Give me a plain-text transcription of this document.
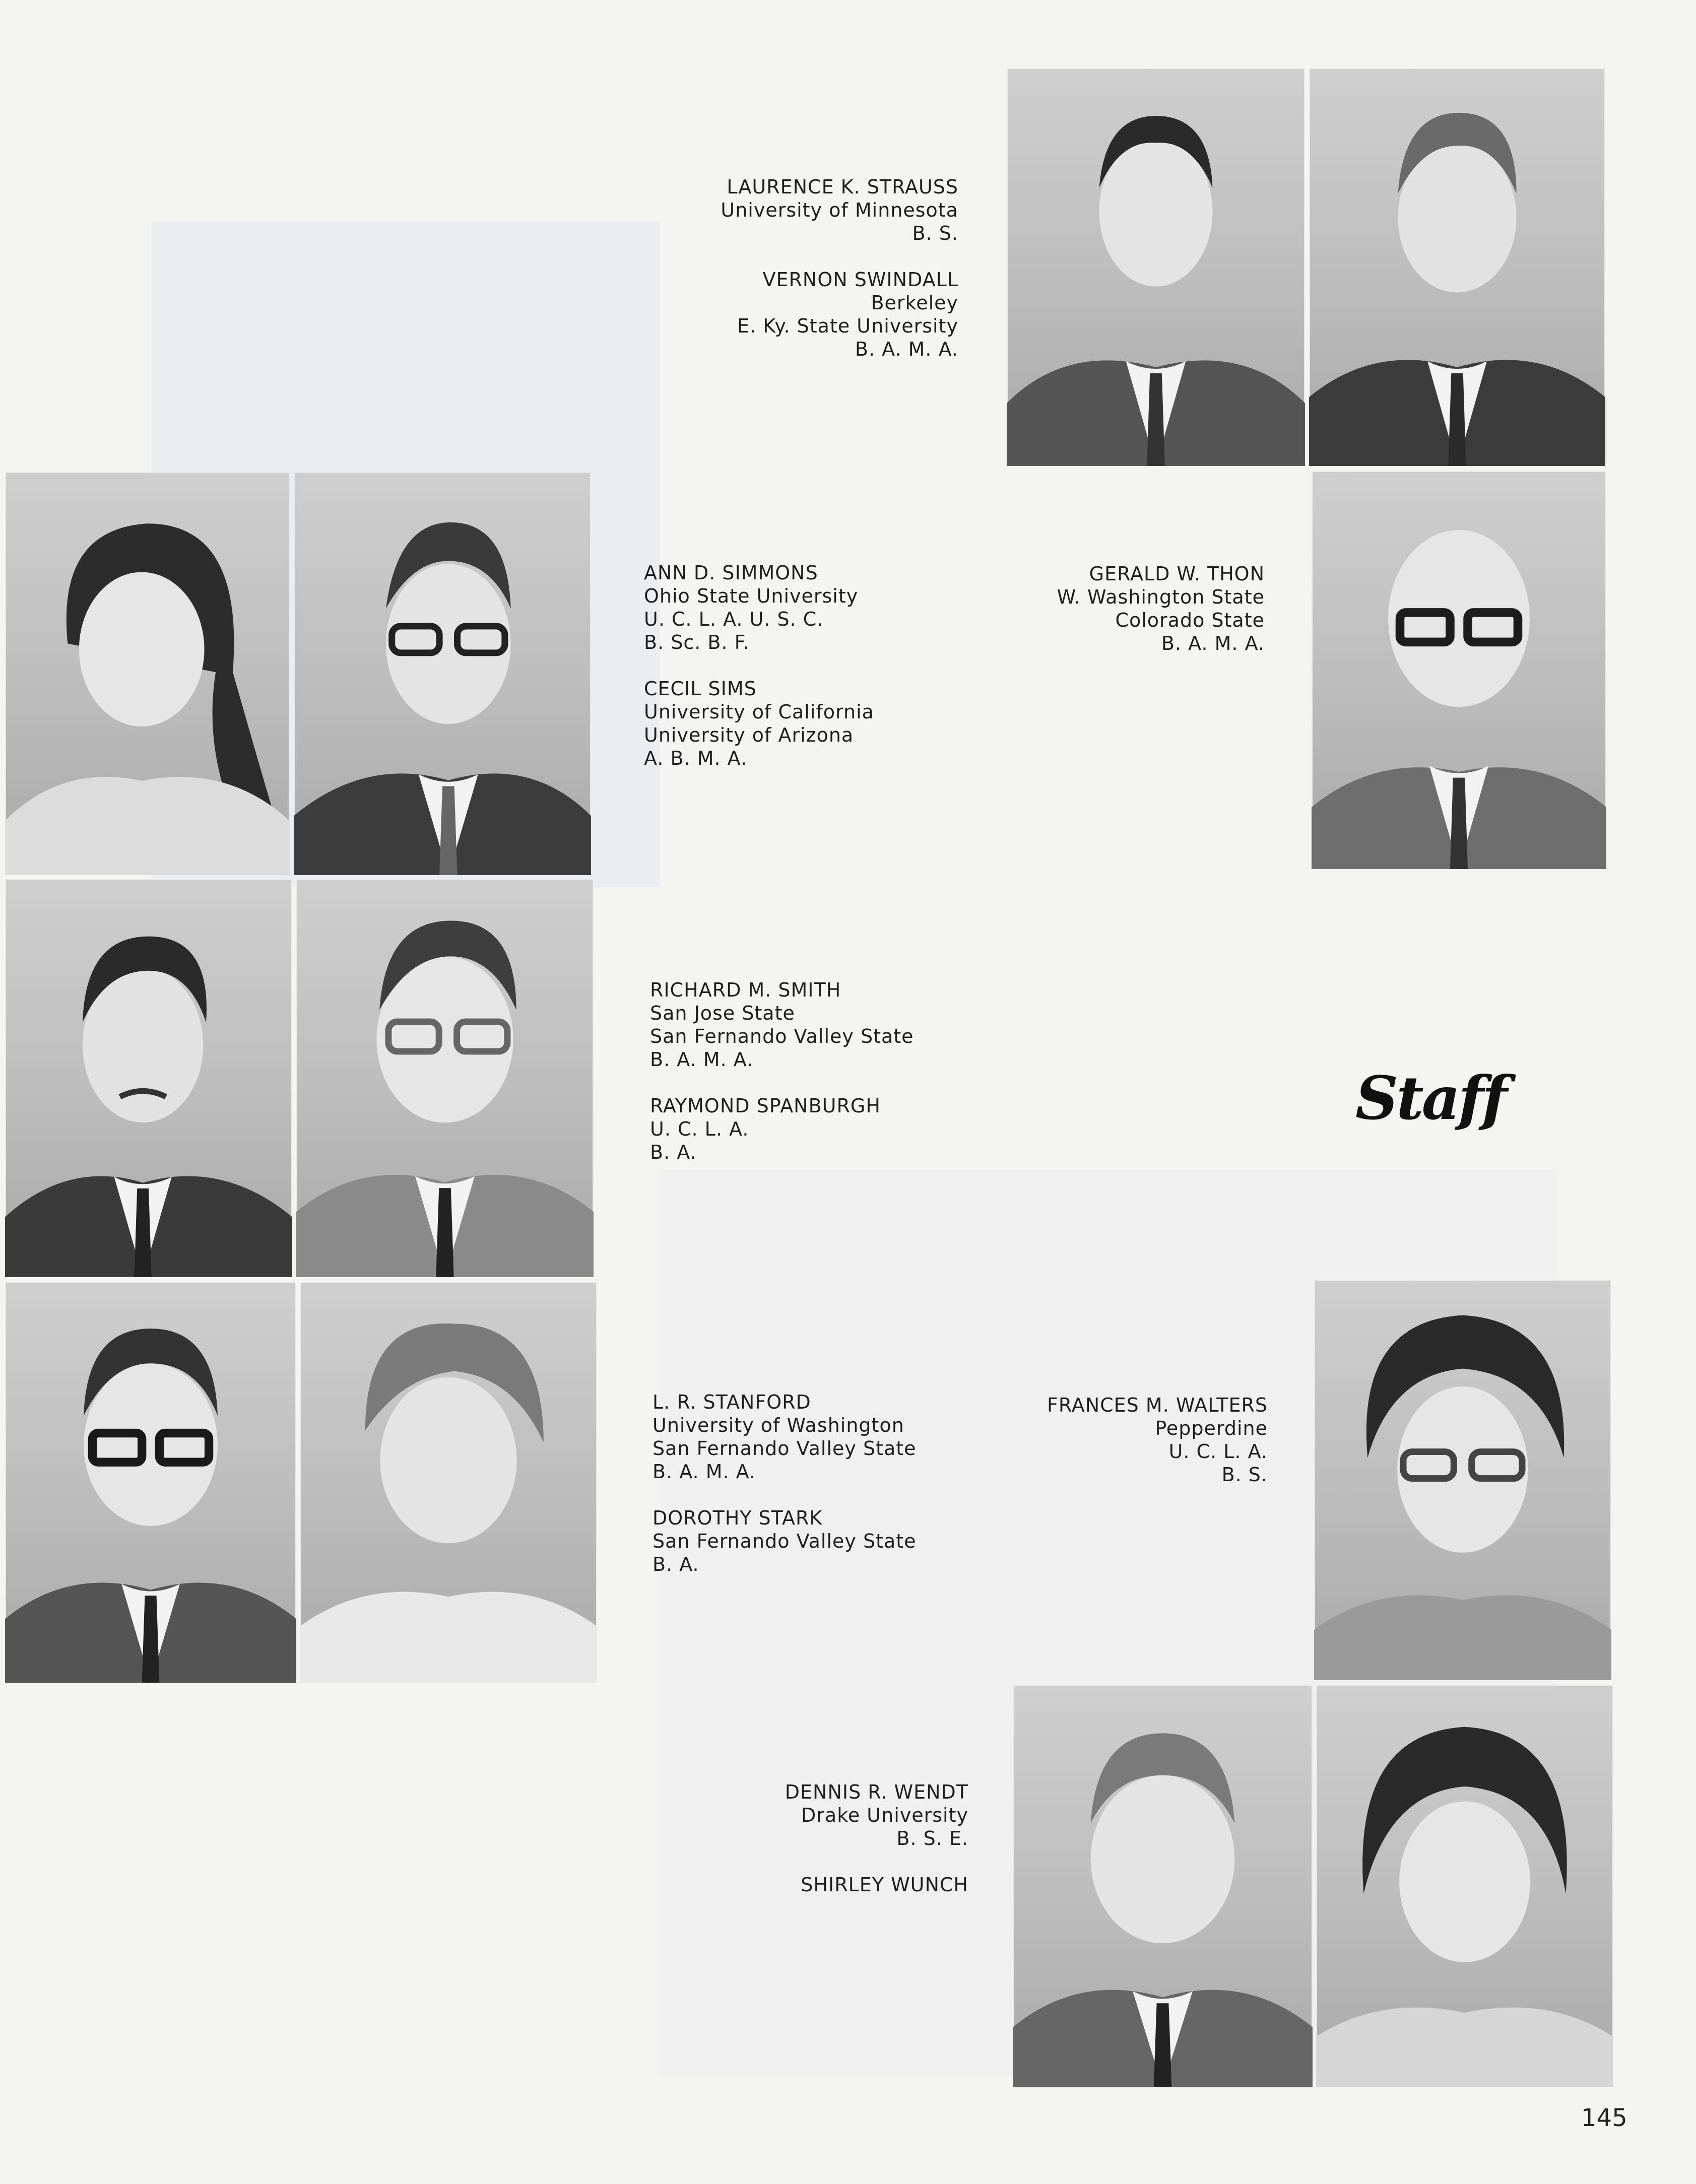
LAURENCE K. STRAUSS
University of Minnesota
B. S.
VERNON SWINDALL
Berkeley
E. Ky. State University
B. A. M. A.
ANN D. SIMMONS
Ohio State University
U. C. L. A. U. S. C.
B. Sc. B. F.
CECIL SIMS
University of California
University of Arizona
A. B. M. A.
GERALD W. THON
W. Washington State
Colorado State
B. A. M. A.
RICHARD M. SMITH
San Jose State
San Fernando Valley State
B. A. M. A.
RAYMOND SPANBURGH
U. C. L. A.
B. A.
Staff
L. R. STANFORD
University of Washington
San Fernando Valley State
B. A. M. A.
DOROTHY STARK
San Fernando Valley State
B. A.
FRANCES M. WALTERS
Pepperdine
U. C. L. A.
B. S.
DENNIS R. WENDT
Drake University
B. S. E.
SHIRLEY WUNCH
145
